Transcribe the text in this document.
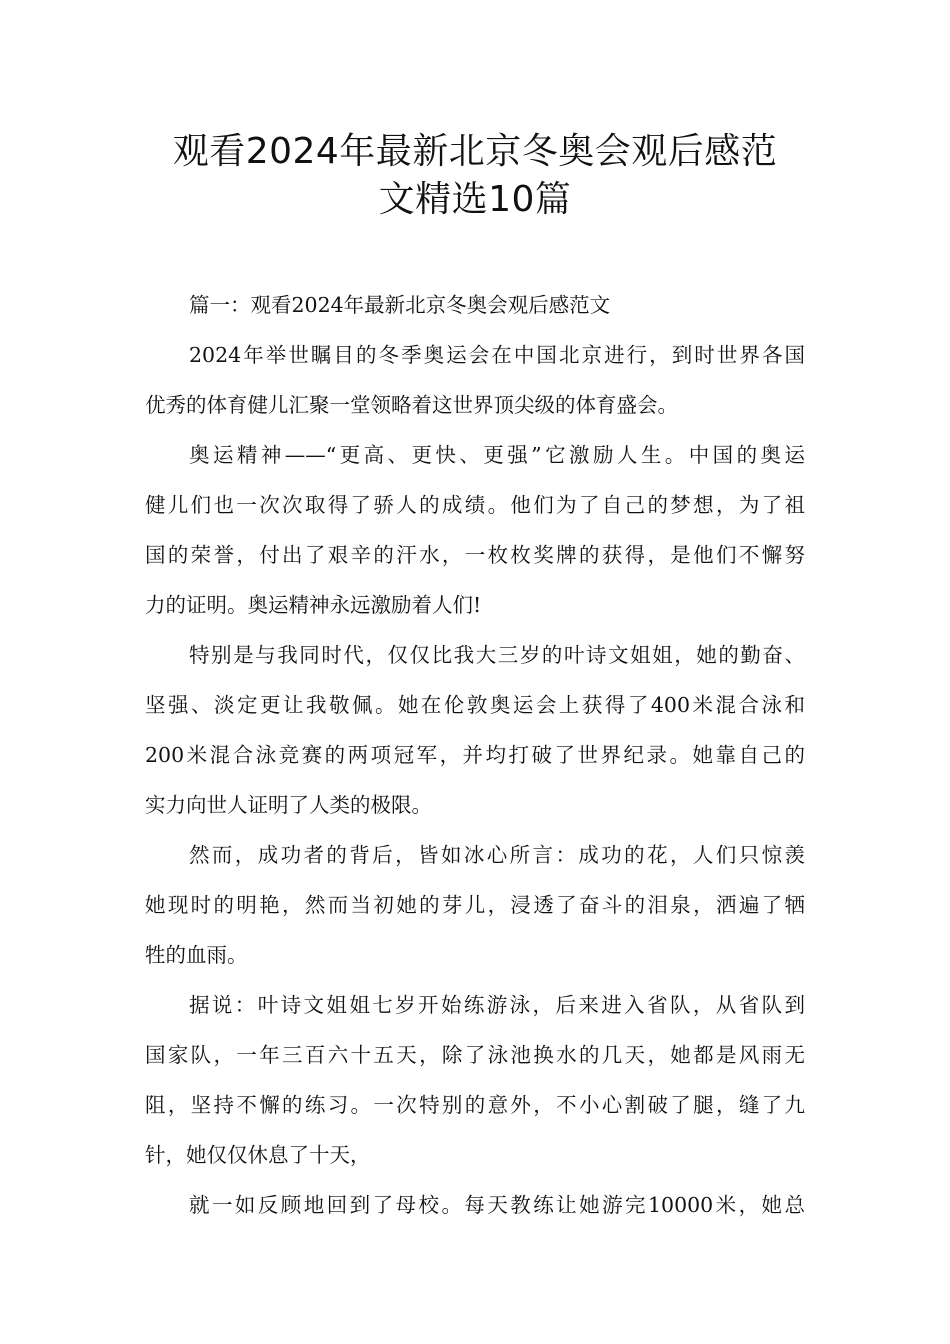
观看2024年最新北京冬奥会观后感范
文精选10篇
篇一：观看2024年最新北京冬奥会观后感范文
2024年举世瞩目的冬季奥运会在中国北京进行，到时世界各国
优秀的体育健儿汇聚一堂领略着这世界顶尖级的体育盛会。
奥运精神——“更高、更快、更强”它激励人生。中国的奥运
健儿们也一次次取得了骄人的成绩。他们为了自己的梦想，为了祖
国的荣誉，付出了艰辛的汗水，一枚枚奖牌的获得，是他们不懈努
力的证明。奥运精神永远激励着人们!
特别是与我同时代，仅仅比我大三岁的叶诗文姐姐，她的勤奋、
坚强、淡定更让我敬佩。她在伦敦奥运会上获得了400米混合泳和
200米混合泳竞赛的两项冠军，并均打破了世界纪录。她靠自己的
实力向世人证明了人类的极限。
然而，成功者的背后，皆如冰心所言：成功的花，人们只惊羡
她现时的明艳，然而当初她的芽儿，浸透了奋斗的泪泉，洒遍了牺
牲的血雨。
据说：叶诗文姐姐七岁开始练游泳，后来进入省队，从省队到
国家队，一年三百六十五天，除了泳池换水的几天，她都是风雨无
阻，坚持不懈的练习。一次特别的意外，不小心割破了腿，缝了九
针，她仅仅休息了十天，
就一如反顾地回到了母校。每天教练让她游完10000米，她总
